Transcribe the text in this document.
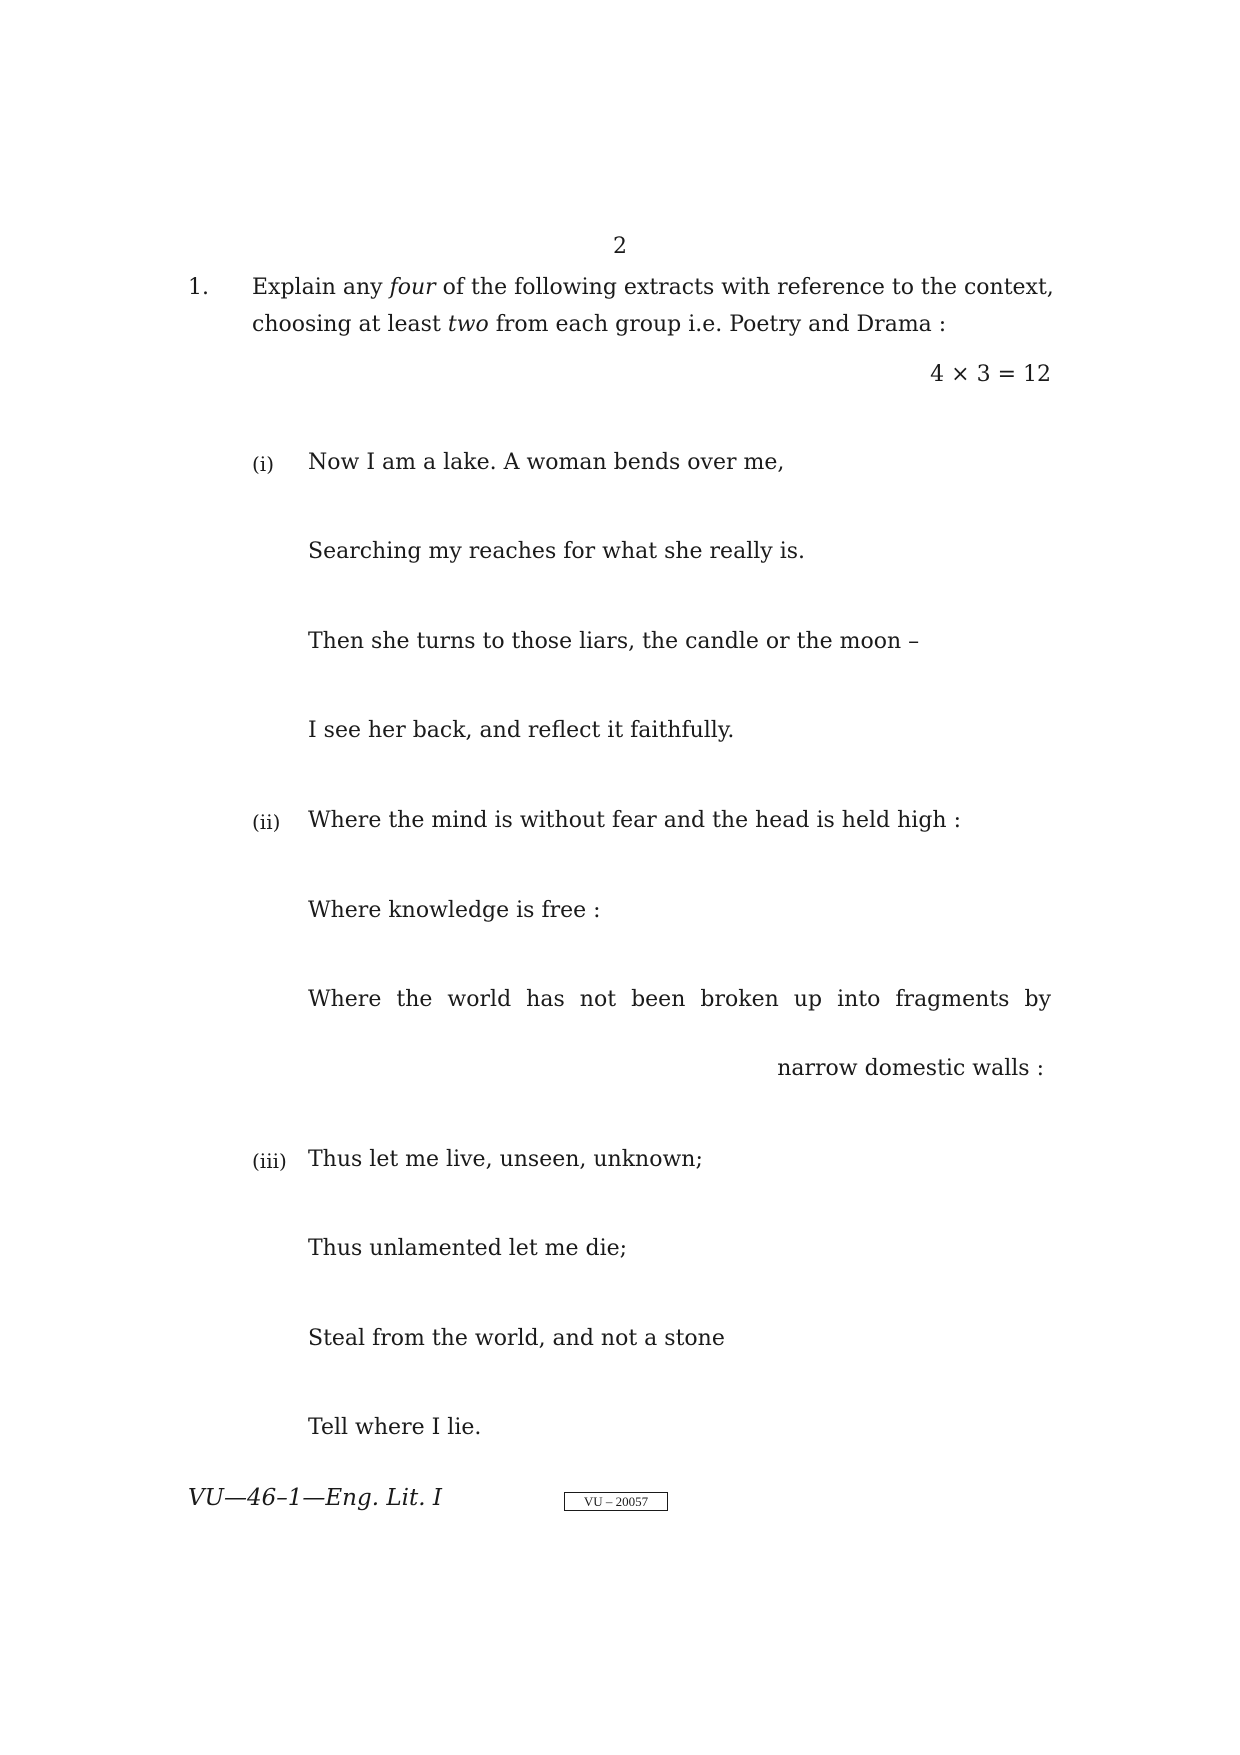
2
1. Explain any four of the following extracts with reference to the context,
choosing at least two from each group i.e. Poetry and Drama :
4 × 3 = 12
(i) Now I am a lake. A woman bends over me,
Searching my reaches for what she really is.
Then she turns to those liars, the candle or the moon –
I see her back, and reflect it faithfully.
(ii) Where the mind is without fear and the head is held high :
Where knowledge is free :
Where the world has not been broken up into fragments by
narrow domestic walls :
(iii) Thus let me live, unseen, unknown;
Thus unlamented let me die;
Steal from the world, and not a stone
Tell where I lie.
VU—46–1—Eng. Lit. I	VU – 20057
